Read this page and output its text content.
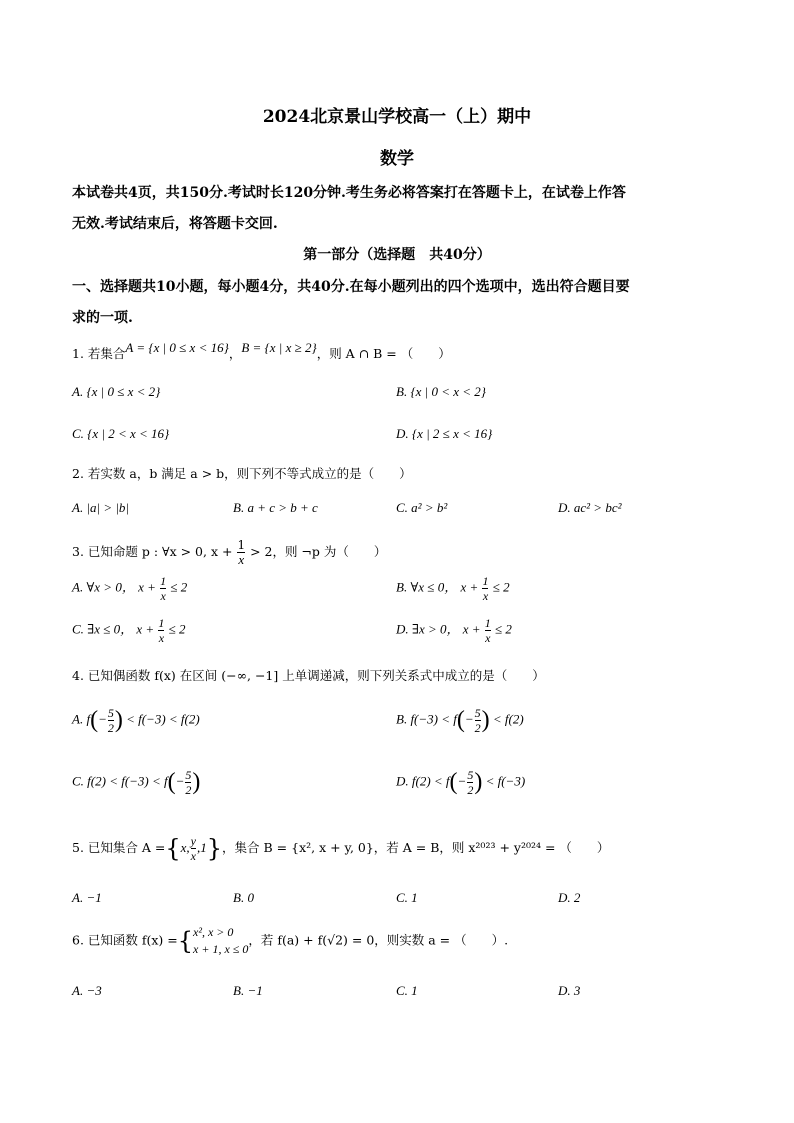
2024北京景山学校高一（上）期中
数学
本试卷共4页，共150分.考试时长120分钟.考生务必将答案打在答题卡上，在试卷上作答
无效.考试结束后，将答题卡交回.
第一部分（选择题　共40分）
一、选择题共10小题，每小题4分，共40分.在每小题列出的四个选项中，选出符合题目要
求的一项.
1. 若集合A = {x | 0 ≤ x < 16}，B = {x | x ≥ 2}，则 A ∩ B = （　　）
A. {x | 0 ≤ x < 2}	B. {x | 0 < x < 2}
C. {x | 2 < x < 16}	D. {x | 2 ≤ x < 16}
2. 若实数 a，b 满足 a > b，则下列不等式成立的是（　　）
A. |a| > |b|	B. a + c > b + c	C. a² > b²	D. ac² > bc²
3. 已知命题 p : ∀x > 0, $x + \frac{1}{x} > 2$，则 ¬p 为（　　）
A. ∀x > 0， $x + \frac{1}{x} \le 2$	B. ∀x ≤ 0， $x + \frac{1}{x} \le 2$
C. ∃x ≤ 0， $x + \frac{1}{x} \le 2$	D. ∃x > 0， $x + \frac{1}{x} \le 2$
4. 已知偶函数 f(x) 在区间 (−∞, −1] 上单调递减，则下列关系式中成立的是（　　）
A. $f(- \frac{5}{2}$ ) < f(−3) < f(2)	B. $f(-3) < f(- \frac{5}{2}$ ) < f(2)
C. $f(2) < f(-3) < f(- \frac{5}{2}$ )	D. $f(2) < f(- \frac{5}{2}$ ) < f(−3)
5. 已知集合 A ={x, $\frac{y}{x} ,1$}，集合 B = {x², x + y, 0}，若 A = B，则 x²⁰²³ + y²⁰²⁴ = （　　）
A. −1	B. 0	C. 1	D. 2
6. 已知函数 f(x) ={ x², x > 0
x + 1, x ≤ 0
，若 f(a) + f(√2) = 0，则实数 a = （　　）.
A. −3	B. −1	C. 1	D. 3
